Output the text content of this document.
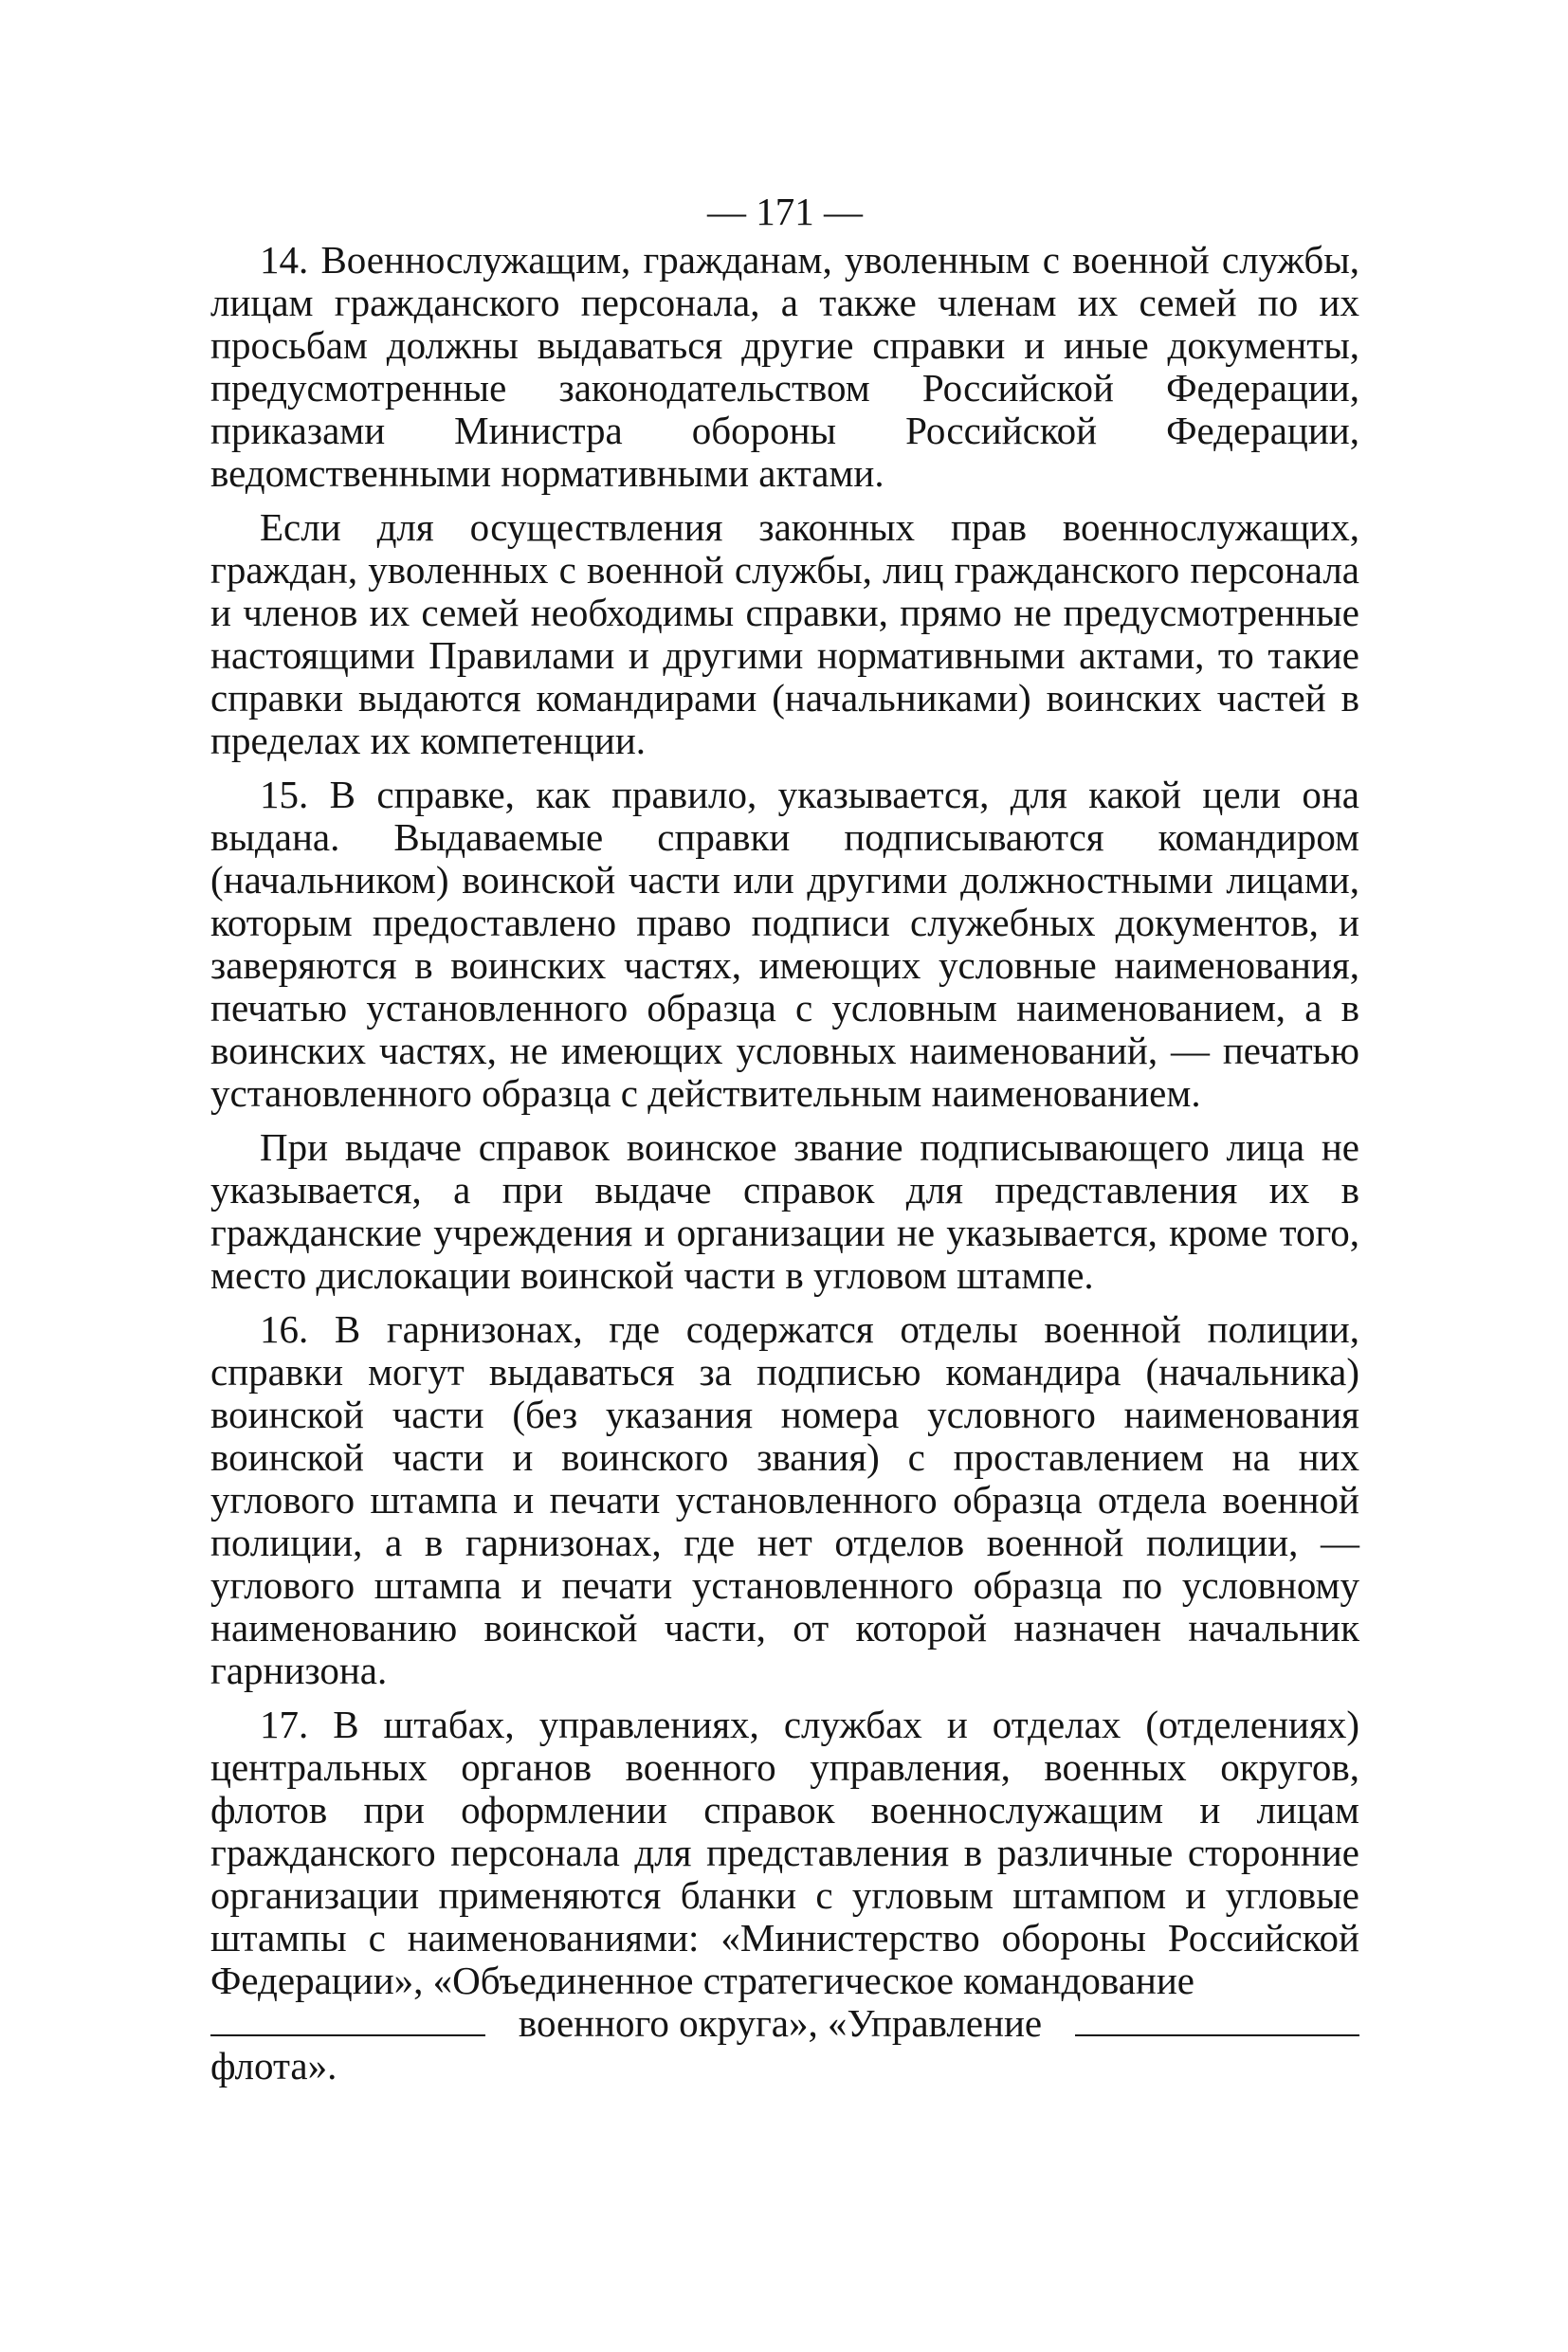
— 171 —

14. Военнослужащим, гражданам, уволенным с военной службы, лицам гражданского персонала, а также членам их семей по их просьбам должны выдаваться другие справки и иные документы, предусмотренные законодательством Российской Федерации, приказами Министра обороны Российской Федерации, ведомственными нормативными актами.

Если для осуществления законных прав военнослужащих, граждан, уволенных с военной службы, лиц гражданского персонала и членов их семей необходимы справки, прямо не предусмотренные настоящими Правилами и другими нормативными актами, то такие справки выдаются командирами (начальниками) воинских частей в пределах их компетенции.

15. В справке, как правило, указывается, для какой цели она выдана. Выдаваемые справки подписываются командиром (начальником) воинской части или другими должностными лицами, которым предоставлено право подписи служебных документов, и заверяются в воинских частях, имеющих условные наименования, печатью установленного образца с условным наименованием, а в воинских частях, не имеющих условных наименований, — печатью установленного образца с действительным наименованием.

При выдаче справок воинское звание подписывающего лица не указывается, а при выдаче справок для представления их в гражданские учреждения и организации не указывается, кроме того, место дислокации воинской части в угловом штампе.

16. В гарнизонах, где содержатся отделы военной полиции, справки могут выдаваться за подписью командира (начальника) воинской части (без указания номера условного наименования воинской части и воинского звания) с проставлением на них углового штампа и печати установленного образца отдела военной полиции, а в гарнизонах, где нет отделов военной полиции, — углового штампа и печати установленного образца по условному наименованию воинской части, от которой назначен начальник гарнизона.

17. В штабах, управлениях, службах и отделах (отделениях) центральных органов военного управления, военных округов, флотов при оформлении справок военнослужащим и лицам гражданского персонала для представления в различные сторонние организации применяются бланки с угловым штампом и угловые штампы с наименованиями: «Министерство обороны Российской Федерации», «Объединенное стратегическое командование

военного округа», «Управление

флота».
